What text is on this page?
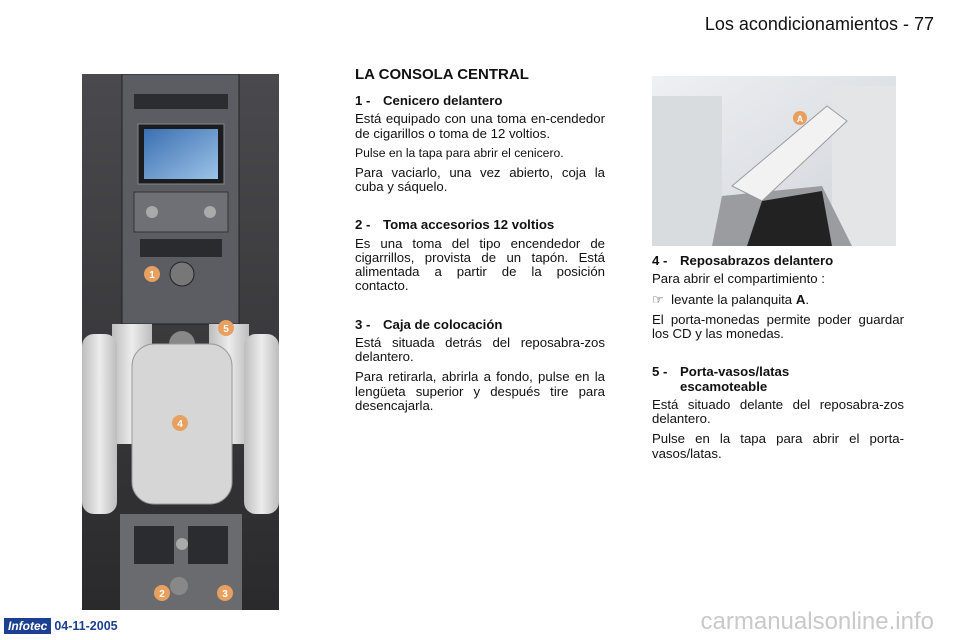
Los acondicionamientos - 77
1
5
4
2	3
A
LA CONSOLA CENTRAL
1 - Cenicero delantero

Está equipado con una toma en-cendedor de cigarillos o toma de 12 voltios.

Pulse en la tapa para abrir el cenicero.

Para vaciarlo, una vez abierto, coja la cuba y sáquelo.

2 - Toma accesorios 12 voltios

Es una toma del tipo encendedor de cigarrillos, provista de un tapón. Está alimentada a partir de la posición contacto.

3 - Caja de colocación

Está situada detrás del reposabra-zos delantero.

Para retirarla, abrirla a fondo, pulse en la lengüeta superior y después tire para desencajarla.

4 - Reposabrazos delantero

Para abrir el compartimiento :

☞  levante la palanquita A.

El porta-monedas permite poder guardar los CD y las monedas.

5 - Porta-vasos/latas
escamoteable

Está situado delante del reposabra-zos delantero.

Pulse en la tapa para abrir el porta-vasos/latas.

Infotec 04-11-2005	carmanualsonline.info
